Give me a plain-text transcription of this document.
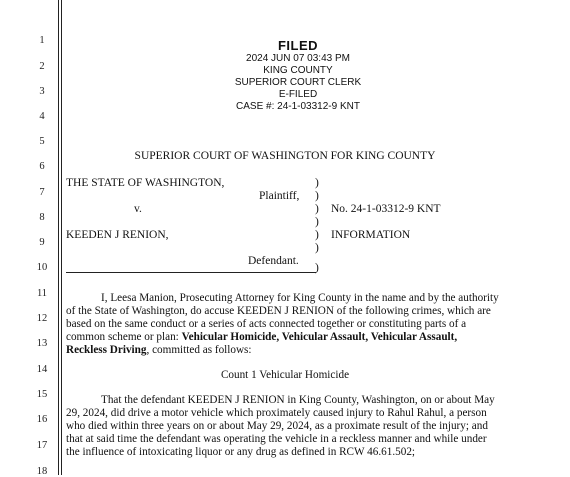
1
2
3
4
5
6
7
8
9
10
11
12
13
14
15
16
17
18
FILED
2024 JUN 07 03:43 PM
KING COUNTY
SUPERIOR COURT CLERK
E-FILED
CASE #: 24-1-03312-9 KNT
SUPERIOR COURT OF WASHINGTON FOR KING COUNTY
THE STATE OF WASHINGTON,
Plaintiff,
v.
KEEDEN J RENION,
Defendant.
)
)
)
)
)
)
)
No. 24-1-03312-9 KNT
INFORMATION
I, Leesa Manion, Prosecuting Attorney for King County in the name and by the authority
of the State of Washington, do accuse KEEDEN J RENION of the following crimes, which are
based on the same conduct or a series of acts connected together or constituting parts of a
common scheme or plan: Vehicular Homicide, Vehicular Assault, Vehicular Assault,
Reckless Driving, committed as follows:
Count 1 Vehicular Homicide
That the defendant KEEDEN J RENION in King County, Washington, on or about May
29, 2024, did drive a motor vehicle which proximately caused injury to Rahul Rahul, a person
who died within three years on or about May 29, 2024, as a proximate result of the injury; and
that at said time the defendant was operating the vehicle in a reckless manner and while under
the influence of intoxicating liquor or any drug as defined in RCW 46.61.502;
